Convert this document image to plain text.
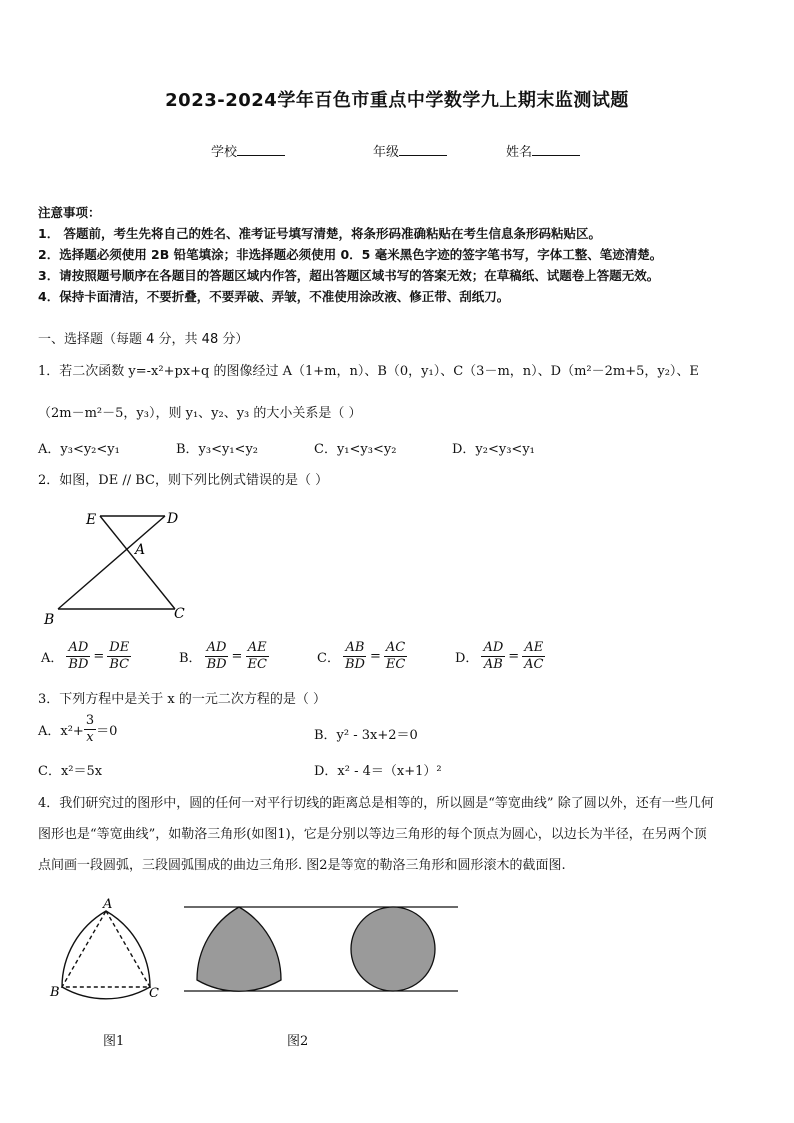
2023-2024学年百色市重点中学数学九上期末监测试题
学校	年级	姓名
注意事项：
1． 答题前，考生先将自己的姓名、准考证号填写清楚，将条形码准确粘贴在考生信息条形码粘贴区。
2．选择题必须使用 2B 铅笔填涂；非选择题必须使用 0．5 毫米黑色字迹的签字笔书写，字体工整、笔迹清楚。
3．请按照题号顺序在各题目的答题区域内作答，超出答题区域书写的答案无效；在草稿纸、试题卷上答题无效。
4．保持卡面清洁，不要折叠，不要弄破、弄皱，不准使用涂改液、修正带、刮纸刀。
一、选择题（每题 4 分，共 48 分）
1．若二次函数 y=-x²+px+q 的图像经过 A（1+m，n）、B（0，y₁）、C（3－m，n）、D（m²－2m+5，y₂）、E
（2m－m²－5，y₃），则 y₁、y₂、y₃ 的大小关系是（ ）
A．y₃<y₂<y₁	B．y₃<y₁<y₂	C．y₁<y₃<y₂	D．y₂<y₃<y₁
2．如图，DE // BC，则下列比例式错误的是（ ）
E	D
A
B	C
A． $\frac{AD}{BD} = \frac{DE}{BC}$	B． $\frac{AD}{BD} = \frac{AE}{EC}$	C． $\frac{AB}{BD} = \frac{AC}{EC}$	D． $\frac{AD}{AB} = \frac{AE}{AC}$
3．下列方程中是关于 x 的一元二次方程的是（ ）
A．$x^2+ \frac{3}{x} =0$	B．y² - 3x+2＝0
C．x²＝5x	D．x² - 4＝（x+1）²
4．我们研究过的图形中，圆的任何一对平行切线的距离总是相等的，所以圆是“等宽曲线” 除了圆以外，还有一些几何
图形也是“等宽曲线”，如勒洛三角形(如图1)，它是分别以等边三角形的每个顶点为圆心，以边长为半径，在另两个顶
点间画一段圆弧，三段圆弧围成的曲边三角形. 图2是等宽的勒洛三角形和圆形滚木的截面图.
A
B	C
图1	图2
